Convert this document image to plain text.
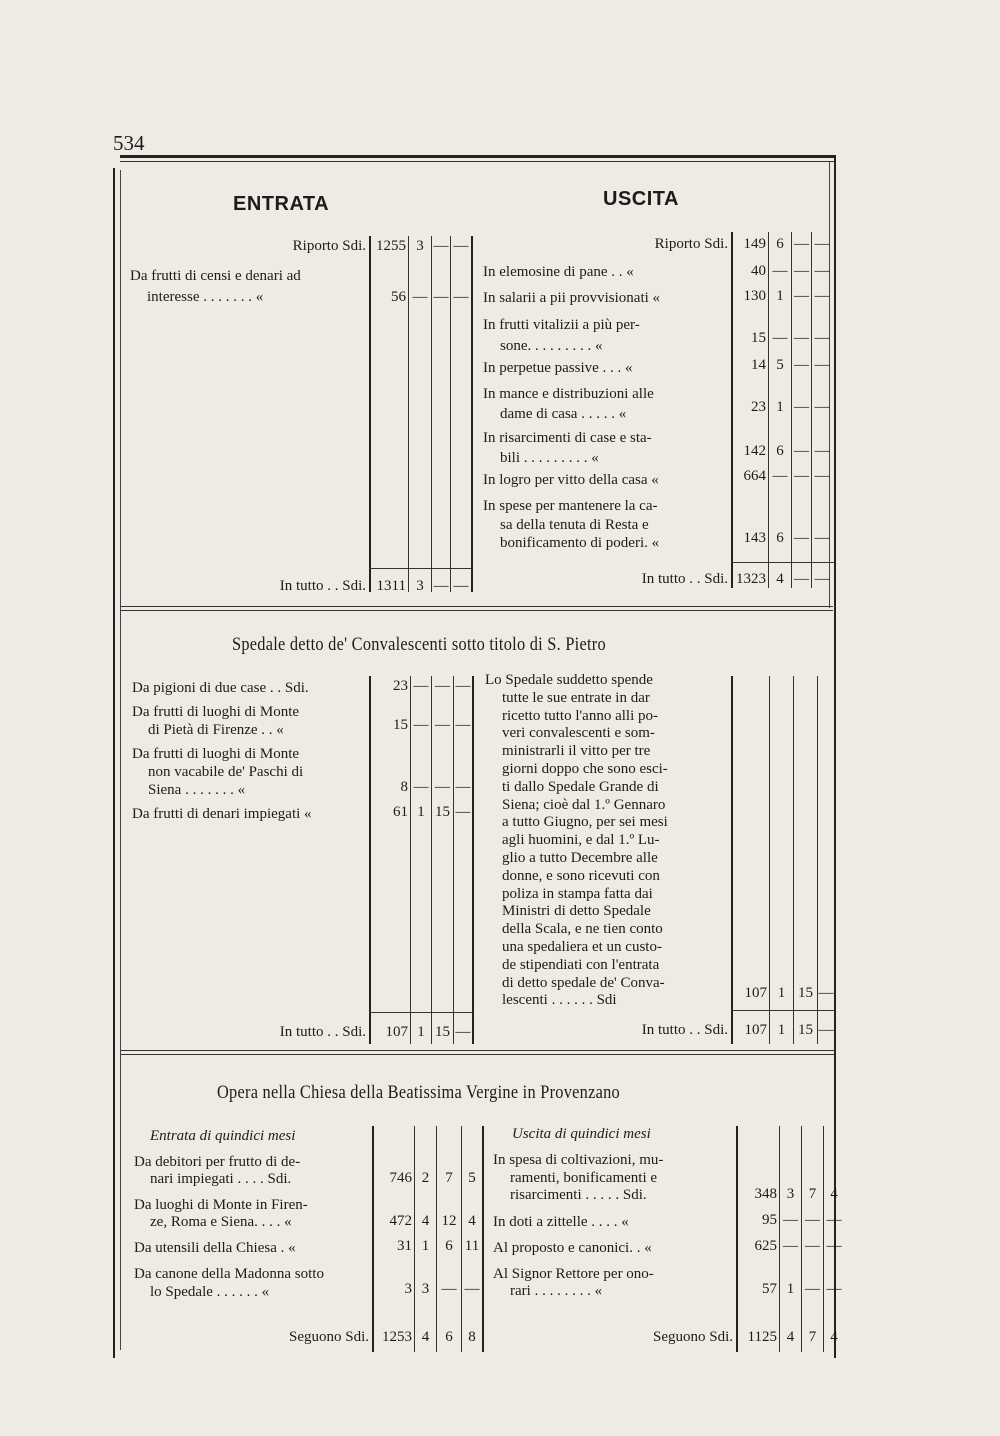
534
ENTRATA	USCITA
Riporto Sdi. 1255 3 — —
Da frutti di censi e denari ad
interesse . . . . . . . «	56 — — —
In tutto . . Sdi. 1311 3 — —
Riporto Sdi.	149 6 — —
In elemosine di pane . . «	40 — — —
In salarii a pii provvisionati «	130 1 — —
In frutti vitalizii a più per-
sone. . . . . . . . . «	15 — — —
In perpetue passive . . . «	14 5 — —
In mance e distribuzioni alle
dame di casa . . . . . «	23 1 — —
In risarcimenti di case e sta-
bili . . . . . . . . . «	142 6 — —
In logro per vitto della casa «	664 — — —
In spese per mantenere la ca-
sa della tenuta di Resta e
bonificamento di poderi. «	143 6 — —
In tutto . . Sdi. 1323 4 — —
Spedale detto de' Convalescenti sotto titolo di S. Pietro
Da pigioni di due case . . Sdi.	23 — — —
Da frutti di luoghi di Monte
di Pietà di Firenze . . «	15 — — —
Da frutti di luoghi di Monte
non vacabile de' Paschi di
Siena . . . . . . . «	8 — — —
Da frutti di denari impiegati «	61 1 15 —
In tutto . . Sdi.	107 1 15 —
Lo Spedale suddetto spende
tutte le sue entrate in dar
ricetto tutto l'anno alli po-
veri convalescenti e som-
ministrarli il vitto per tre
giorni doppo che sono esci-
ti dallo Spedale Grande di
Siena; cioè dal 1.º Gennaro
a tutto Giugno, per sei mesi
agli huomini, e dal 1.º Lu-
glio a tutto Decembre alle
donne, e sono ricevuti con
poliza in stampa fatta dai
Ministri di detto Spedale
della Scala, e ne tien conto
una spedaliera et un custo-
de stipendiati con l'entrata
di detto spedale de' Conva-
lescenti . . . . . . Sdi	107 1 15 —
In tutto . . Sdi.	107 1 15 —
Opera nella Chiesa della Beatissima Vergine in Provenzano
Entrata di quindici mesi
Da debitori per frutto di de-
nari impiegati . . . . Sdi.	746 2	7	5
Da luoghi di Monte in Firen-
ze, Roma e Siena. . . . «	472 4 12 4
Da utensili della Chiesa . «	31 1	6 11
Da canone della Madonna sotto
lo Spedale . . . . . . «	3 3 — —
Seguono Sdi. 1253 4	6	8
Uscita di quindici mesi
In spesa di coltivazioni, mu-
ramenti, bonificamenti e
risarcimenti . . . . . Sdi.	348 3 7 4
In doti a zittelle . . . . «	95 — — —
Al proposto e canonici. . «	625 — — —
Al Signor Rettore per ono-
rari . . . . . . . . «	57 1 — —
Seguono Sdi. 1125 4 7 4
